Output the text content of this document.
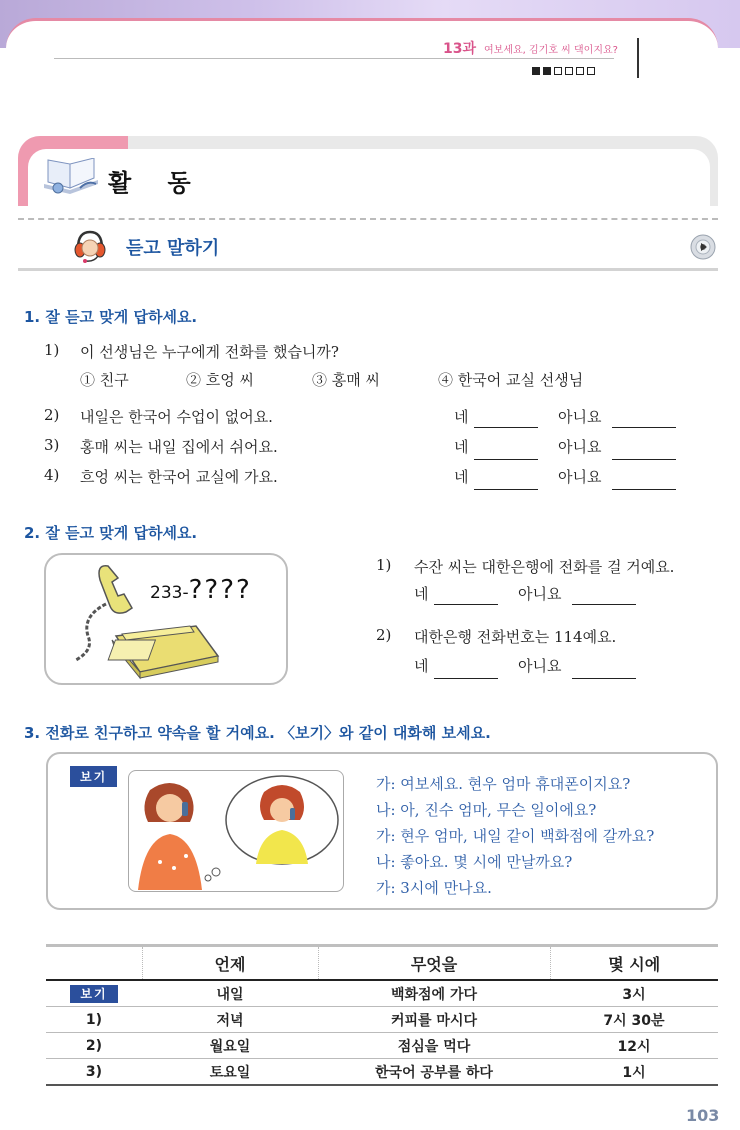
13과 여보세요, 김기호 씨 댁이지요?
활 동
듣고 말하기
1. 잘 듣고 맞게 답하세요.
1) 이 선생님은 누구에게 전화를 했습니까?
① 친구	② 흐엉 씨	③ 홍매 씨	④ 한국어 교실 선생님
2) 내일은 한국어 수업이 없어요.	네	아니요
3) 홍매 씨는 내일 집에서 쉬어요.	네	아니요
4) 흐엉 씨는 한국어 교실에 가요.	네	아니요
2. 잘 듣고 맞게 답하세요.
233-????
1) 수잔 씨는 대한은행에 전화를 걸 거예요.
네	아니요
2) 대한은행 전화번호는 114예요.
네	아니요
3. 전화로 친구하고 약속을 할 거예요. 〈보기〉와 같이 대화해 보세요.
보기	가: 여보세요. 현우 엄마 휴대폰이지요?
나: 아, 진수 엄마, 무슨 일이에요?
가: 현우 엄마, 내일 같이 백화점에 갈까요?
나: 좋아요. 몇 시에 만날까요?
가: 3시에 만나요.
	언제	무엇을	몇 시에
보기	내일	백화점에 가다	3시
1)	저녁	커피를 마시다	7시 30분
2)	월요일	점심을 먹다	12시
3)	토요일	한국어 공부를 하다	1시
103
